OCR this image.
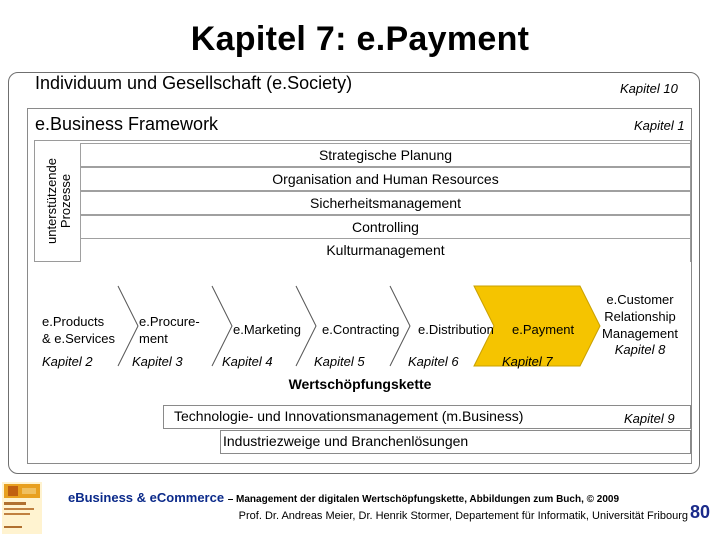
Kapitel 7: e.Payment
Individuum und Gesellschaft (e.Society)	Kapitel 10
e.Business Framework	Kapitel 1
unterstützende Prozesse
Strategische Planung
Organisation and Human Resources
Sicherheitsmanagement
Controlling
Kulturmanagement
e.Products
& e.Services
Kapitel 2
e.Procure-
ment
Kapitel 3
e.Marketing
Kapitel 4
e.Contracting
Kapitel 5
e.Distribution
Kapitel 6
e.Payment
Kapitel 7
e.Customer
Relationship
Management
Kapitel 8
Wertschöpfungskette
Technologie- und Innovationsmanagement (m.Business)	Kapitel 9
Industriezweige und Branchenlösungen
eBusiness & eCommerce – Management der digitalen Wertschöpfungskette, Abbildungen zum Buch, © 2009
Prof. Dr. Andreas Meier, Dr. Henrik Stormer, Departement für Informatik, Universität Fribourg 80
